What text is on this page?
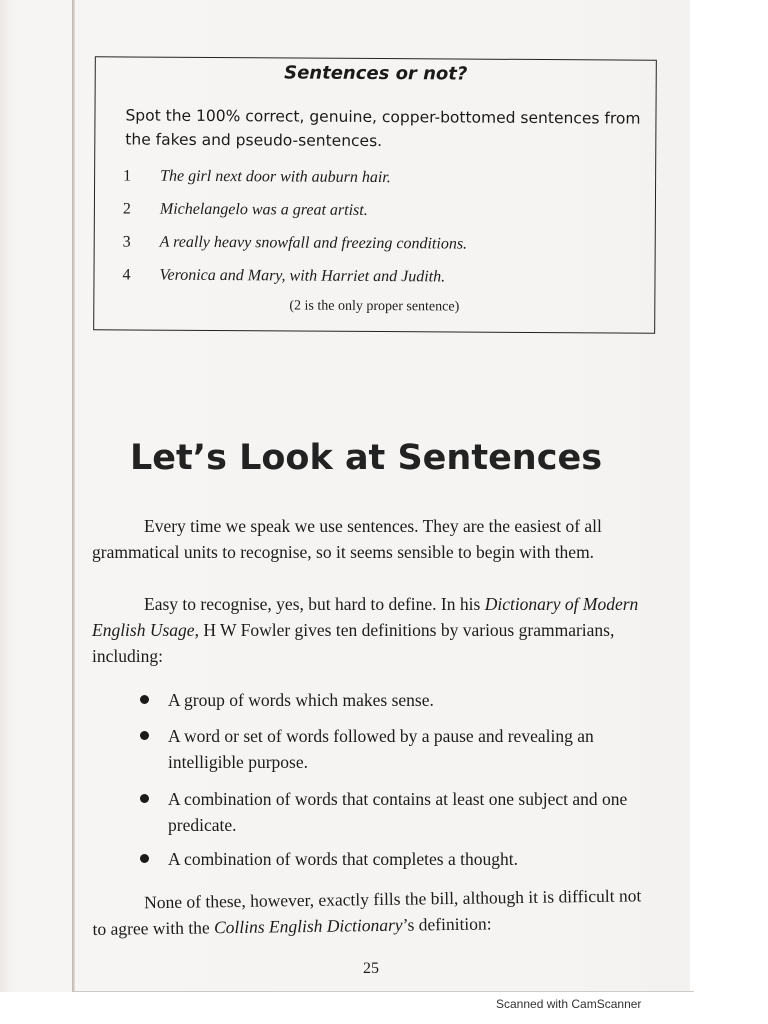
Sentences or not?
Spot the 100% correct, genuine, copper-bottomed sentences from the fakes and pseudo-sentences.
1	The girl next door with auburn hair.
2	Michelangelo was a great artist.
3	A really heavy snowfall and freezing conditions.
4	Veronica and Mary, with Harriet and Judith.
(2 is the only proper sentence)
Let’s Look at Sentences
Every time we speak we use sentences. They are the easiest of all grammatical units to recognise, so it seems sensible to begin with them.
Easy to recognise, yes, but hard to define. In his Dictionary of Modern English Usage, H W Fowler gives ten definitions by various grammarians, including:
A group of words which makes sense.
A word or set of words followed by a pause and revealing an intelligible purpose.
A combination of words that contains at least one subject and one predicate.
A combination of words that completes a thought.
None of these, however, exactly fills the bill, although it is difficult not to agree with the Collins English Dictionary’s definition:
25
Scanned with CamScanner
